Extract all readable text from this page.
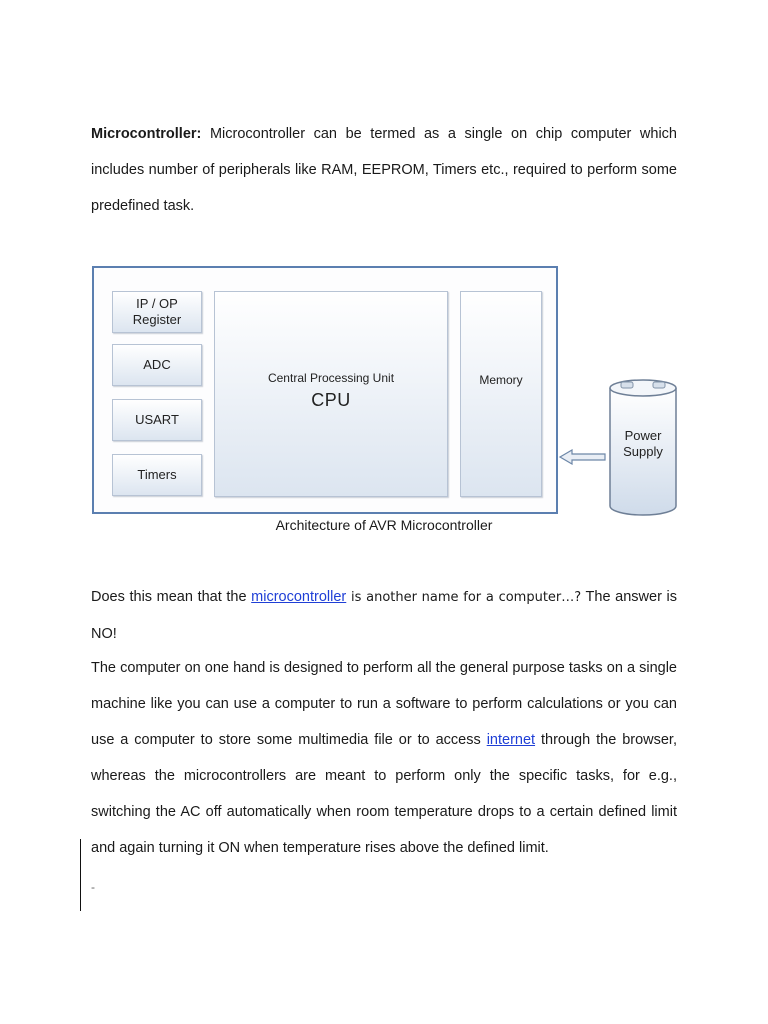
Microcontroller: Microcontroller can be termed as a single on chip computer which includes number of peripherals like RAM, EEPROM, Timers etc., required to perform some predefined task.

IP / OP
Register
ADC
USART
Timers
Central Processing Unit
CPU
Memory
Power
Supply
Architecture of AVR Microcontroller

Does this mean that the microcontroller is another name for a computer…? The answer is NO!

The computer on one hand is designed to perform all the general purpose tasks on a single machine like you can use a computer to run a software to perform calculations or you can use a computer to store some multimedia file or to access internet through the browser, whereas the microcontrollers are meant to perform only the specific tasks, for e.g., switching the AC off automatically when room temperature drops to a certain defined limit and again turning it ON when temperature rises above the defined limit.

-
